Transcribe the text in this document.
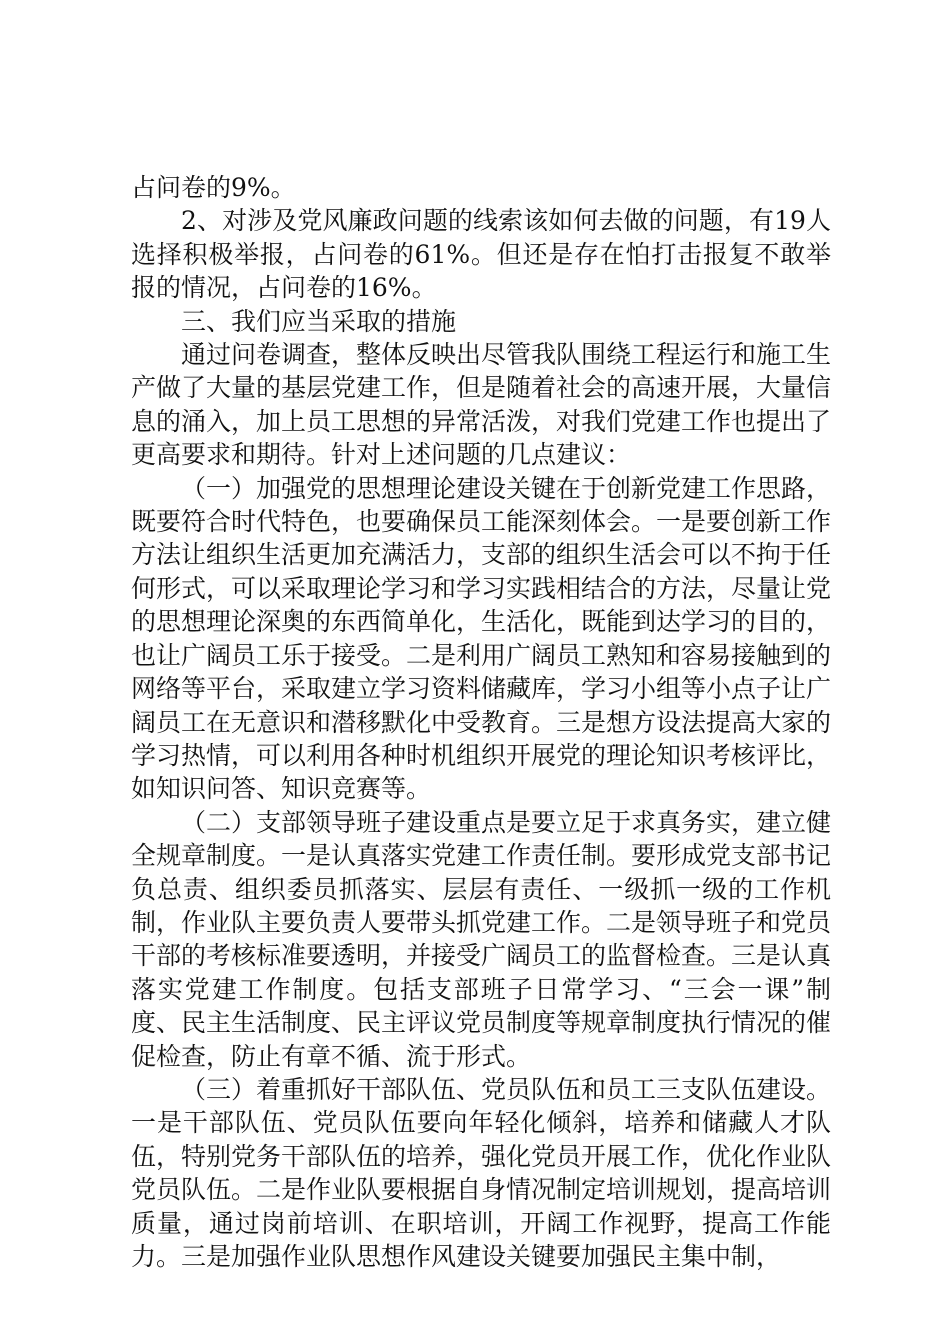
占问卷的9%。

2、对涉及党风廉政问题的线索该如何去做的问题，有19人选择积极举报，占问卷的61%。但还是存在怕打击报复不敢举报的情况，占问卷的16%。

三、我们应当采取的措施

通过问卷调查，整体反映出尽管我队围绕工程运行和施工生产做了大量的基层党建工作，但是随着社会的高速开展，大量信息的涌入，加上员工思想的异常活泼，对我们党建工作也提出了更高要求和期待。针对上述问题的几点建议：

（一）加强党的思想理论建设关键在于创新党建工作思路，既要符合时代特色，也要确保员工能深刻体会。一是要创新工作方法让组织生活更加充满活力，支部的组织生活会可以不拘于任何形式，可以采取理论学习和学习实践相结合的方法，尽量让党的思想理论深奥的东西简单化，生活化，既能到达学习的目的，也让广阔员工乐于接受。二是利用广阔员工熟知和容易接触到的网络等平台，采取建立学习资料储藏库，学习小组等小点子让广阔员工在无意识和潜移默化中受教育。三是想方设法提高大家的学习热情，可以利用各种时机组织开展党的理论知识考核评比，如知识问答、知识竞赛等。

（二）支部领导班子建设重点是要立足于求真务实，建立健全规章制度。一是认真落实党建工作责任制。要形成党支部书记负总责、组织委员抓落实、层层有责任、一级抓一级的工作机制，作业队主要负责人要带头抓党建工作。二是领导班子和党员干部的考核标准要透明，并接受广阔员工的监督检查。三是认真落实党建工作制度。包括支部班子日常学习、“三会一课”制度、民主生活制度、民主评议党员制度等规章制度执行情况的催促检查，防止有章不循、流于形式。

（三）着重抓好干部队伍、党员队伍和员工三支队伍建设。一是干部队伍、党员队伍要向年轻化倾斜，培养和储藏人才队伍，特别党务干部队伍的培养，强化党员开展工作，优化作业队党员队伍。二是作业队要根据自身情况制定培训规划，提高培训质量，通过岗前培训、在职培训，开阔工作视野，提高工作能力。三是加强作业队思想作风建设关键要加强民主集中制，
